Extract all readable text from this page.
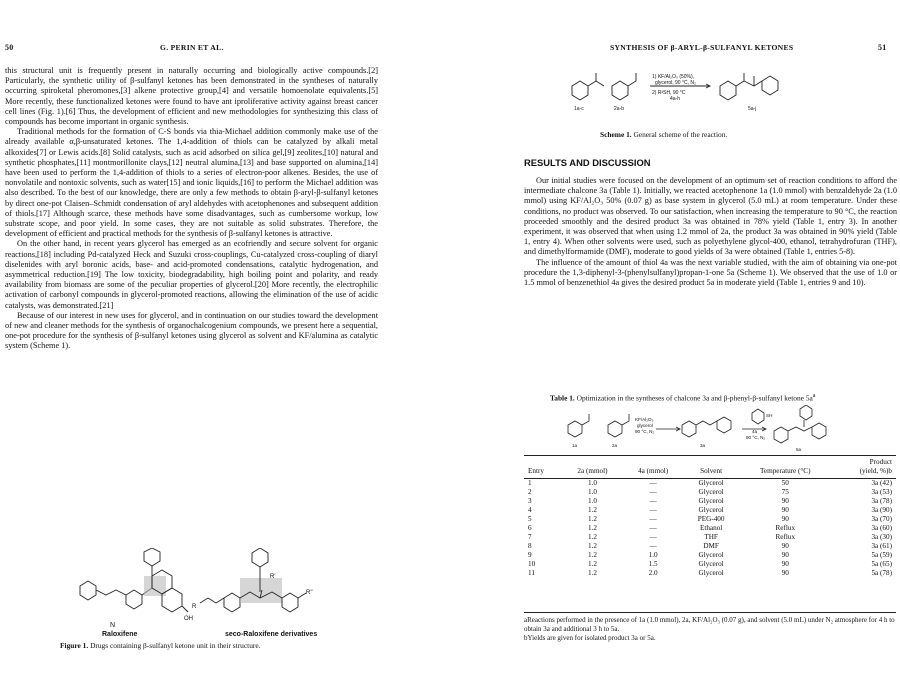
50	G. PERIN ET AL.

this structural unit is frequently present in naturally occurring and biologically active compounds.[2] Particularly, the synthetic utility of β-sulfanyl ketones has been demonstrated in the syntheses of naturally occurring spiroketal pheromones,[3] alkene protective group,[4] and versatile homoenolate equivalents.[5] More recently, these functionalized ketones were found to have ant iproliferative activity against breast cancer cell lines (Fig. 1).[6] Thus, the development of efficient and new methodologies for synthesizing this class of compounds has become important in organic synthesis.

Traditional methods for the formation of C-S bonds via thia-Michael addition commonly make use of the already available α,β-unsaturated ketones. The 1,4-addition of thiols can be catalyzed by alkali metal alkoxides[7] or Lewis acids.[8] Solid catalysts, such as acid adsorbed on silica gel,[9] zeolites,[10] natural and synthetic phosphates,[11] montmorillonite clays,[12] neutral alumina,[13] and base supported on alumina,[14] have been used to perform the 1,4-addition of thiols to a series of electron-poor alkenes. Besides, the use of nonvolatile and nontoxic solvents, such as water[15] and ionic liquids,[16] to perform the Michael addition was also described. To the best of our knowledge, there are only a few methods to obtain β-aryl-β-sulfanyl ketones by direct one-pot Claisen–Schmidt condensation of aryl aldehydes with acetophenones and subsequent addition of thiols.[17] Although scarce, these methods have some disadvantages, such as cumbersome workup, low substrate scope, and poor yield. In some cases, they are not suitable as solid substrates. Therefore, the development of efficient and practical methods for the synthesis of β-sulfanyl ketones is attractive.

On the other hand, in recent years glycerol has emerged as an ecofriendly and secure solvent for organic reactions,[18] including Pd-catalyzed Heck and Suzuki cross-couplings, Cu-catalyzed cross-coupling of diaryl diselenides with aryl boronic acids, base- and acid-promoted condensations, catalytic hydrogenation, and asymmetrical reduction.[19] The low toxicity, biodegradability, high boiling point and polarity, and ready availability from biomass are some of the peculiar properties of glycerol.[20] More recently, the electrophilic activation of carbonyl compounds in glycerol-promoted reactions, allowing the elimination of the use of acidic catalysts, was demonstrated.[21]

Because of our interest in new uses for glycerol, and in continuation on our studies toward the development of new and cleaner methods for the synthesis of organochalcogenium compounds, we present here a sequential, one-pot procedure for the synthesis of β-sulfanyl ketones using glycerol as solvent and KF/alumina as catalytic system (Scheme 1).

N
OH
R
R'
R''
Raloxifene	seco-Raloxifene derivatives
Figure 1. Drugs containing β-sulfanyl ketone unit in their structure.
SYNTHESIS OF β-ARYL-β-SULFANYL KETONES	51
1) KF/Al₂O₃ (50%),
glycerol, 90 °C, N₂
2) R³SH, 90 °C
4a-h
1a-c	2a-b	5a-j
Scheme 1. General scheme of the reaction.
RESULTS AND DISCUSSION

Our initial studies were focused on the development of an optimum set of reaction conditions to afford the intermediate chalcone 3a (Table 1). Initially, we reacted acetophenone 1a (1.0 mmol) with benzaldehyde 2a (1.0 mmol) using KF/Al₂O₃ 50% (0.07 g) as base system in glycerol (5.0 mL) at room temperature. Under these conditions, no product was observed. To our satisfaction, when increasing the temperature to 90 °C, the reaction proceeded smoothly and the desired product 3a was obtained in 78% yield (Table 1, entry 3). In another experiment, it was observed that when using 1.2 mmol of 2a, the product 3a was obtained in 90% yield (Table 1, entry 4). When other solvents were used, such as polyethylene glycol-400, ethanol, tetrahydrofuran (THF), and dimethylformamide (DMF), moderate to good yields of 3a were obtained (Table 1, entries 5-8).

The influence of the amount of thiol 4a was the next variable studied, with the aim of obtaining via one-pot procedure the 1,3-diphenyl-3-(phenylsulfanyl)propan-1-one 5a (Scheme 1). We observed that the use of 1.0 or 1.5 mmol of benzenethiol 4a gives the desired product 5a in moderate yield (Table 1, entries 9 and 10).

Table 1. Optimization in the syntheses of chalcone 3a and β-phenyl-β-sulfanyl ketone $5a^a$
KF/Al₂O₃
glycerol
90 °C, N₂	4a
90 °C, N₂
SH
1a	2a	3a
5a
Entry	2a (mmol)	4a (mmol)	Solvent	Temperature (°C)	Product
(yield, %)b
1	1.0	—	Glycerol	50	3a (42)
2	1.0	—	Glycerol	75	3a (53)
3	1.0	—	Glycerol	90	3a (78)
4	1.2	—	Glycerol	90	3a (90)
5	1.2	—	PEG-400	90	3a (70)
6	1.2	—	Ethanol	Reflux	3a (60)
7	1.2	—	THF	Reflux	3a (30)
8	1.2	—	DMF	90	3a (61)
9	1.2	1.0	Glycerol	90	5a (59)
10	1.2	1.5	Glycerol	90	5a (65)
11	1.2	2.0	Glycerol	90	5a (78)
aReactions performed in the presence of 1a (1.0 mmol), 2a, KF/Al₂O₃ (0.07 g), and solvent (5.0 mL) under N₂ atmosphere for 4 h to obtain 3a and additional 3 h to 5a.
bYields are given for isolated product 3a or 5a.
